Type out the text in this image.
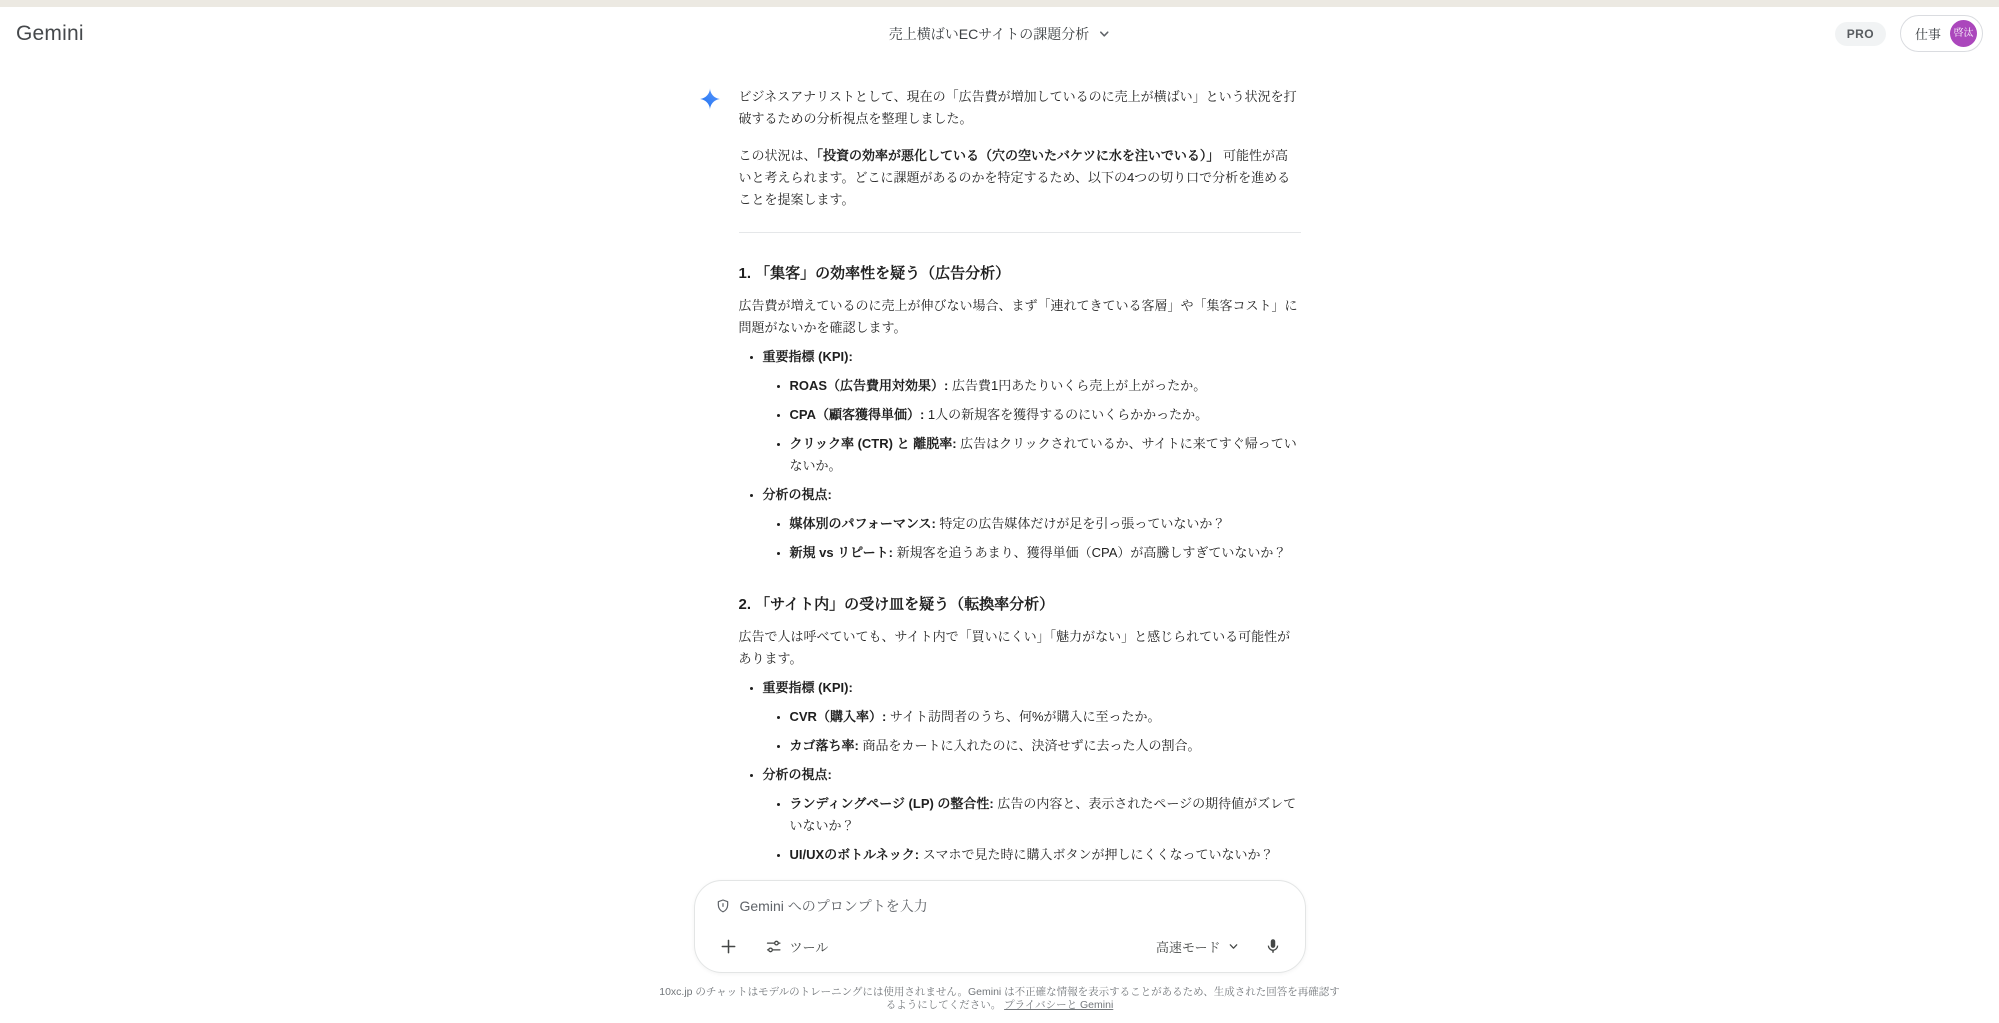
Gemini	売上横ばいECサイトの課題分析	PRO	仕事	啓汰

ビジネスアナリストとして、現在の「広告費が増加しているのに売上が横ばい」という状況を打破するための分析視点を整理しました。

この状況は、「投資の効率が悪化している（穴の空いたバケツに水を注いでいる）」 可能性が高いと考えられます。どこに課題があるのかを特定するため、以下の4つの切り口で分析を進めることを提案します。

1. 「集客」の効率性を疑う（広告分析）

広告費が増えているのに売上が伸びない場合、まず「連れてきている客層」や「集客コスト」に問題がないかを確認します。

• 重要指標 (KPI):
• ROAS（広告費用対効果）: 広告費1円あたりいくら売上が上がったか。
• CPA（顧客獲得単価）: 1人の新規客を獲得するのにいくらかかったか。
• クリック率 (CTR) と 離脱率: 広告はクリックされているか、サイトに来てすぐ帰っていないか。
• 分析の視点:
• 媒体別のパフォーマンス: 特定の広告媒体だけが足を引っ張っていないか？
• 新規 vs リピート: 新規客を追うあまり、獲得単価（CPA）が高騰しすぎていないか？
2. 「サイト内」の受け皿を疑う（転換率分析）

広告で人は呼べていても、サイト内で「買いにくい」「魅力がない」と感じられている可能性があります。

• 重要指標 (KPI):
• CVR（購入率）: サイト訪問者のうち、何%が購入に至ったか。
• カゴ落ち率: 商品をカートに入れたのに、決済せずに去った人の割合。
• 分析の視点:
• ランディングページ (LP) の整合性: 広告の内容と、表示されたページの期待値がズレていないか？
• UI/UXのボトルネック: スマホで見た時に購入ボタンが押しにくくなっていないか？
Gemini へのプロンプトを入力
ツール	高速モード
10xc.jp のチャットはモデルのトレーニングには使用されません。Gemini は不正確な情報を表示することがあるため、生成された回答を再確認するようにしてください。 プライバシーと Gemini
